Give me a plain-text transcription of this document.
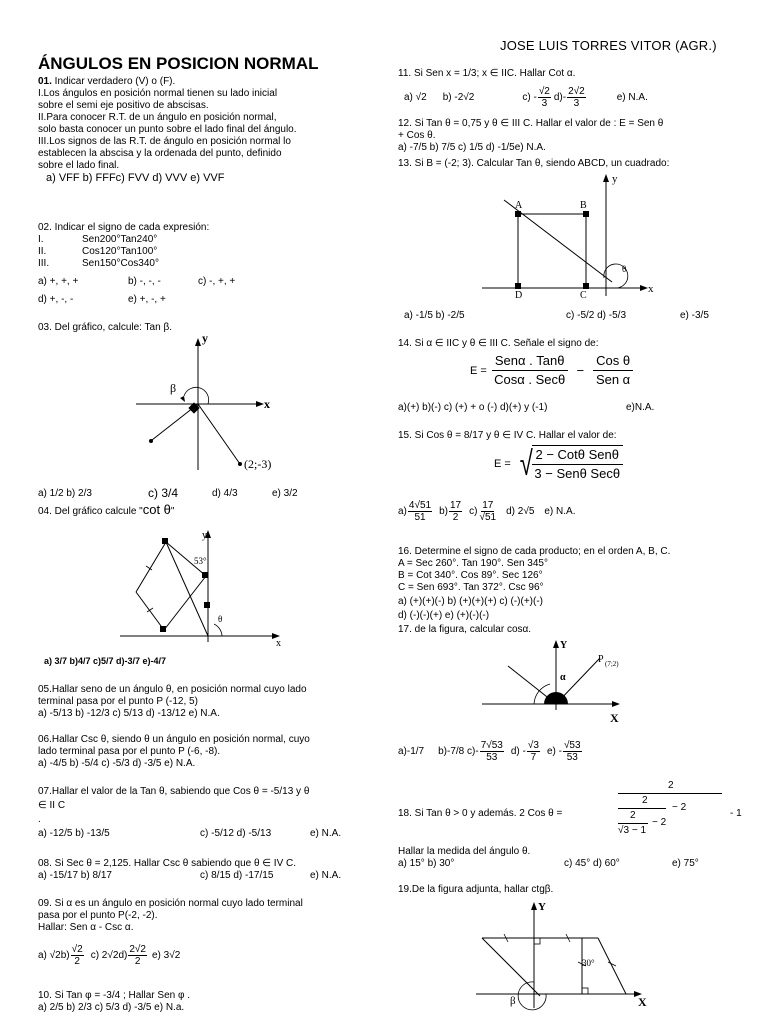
JOSE LUIS TORRES VITOR (AGR.)
ÁNGULOS EN POSICION NORMAL
01. Indicar verdadero (V) o (F).
I.Los ángulos en posición normal tienen su lado inicial
sobre el semi eje positivo de abscisas.
II.Para conocer R.T. de un ángulo en posición normal,
solo basta conocer un punto sobre el lado final del ángulo.
III.Los signos de las R.T. de ángulo en posición normal lo
establecen la abscisa y la ordenada del punto, definido
sobre el lado final.
a) VFF b) FFFc) FVV d) VVV e) VVF
02. Indicar el signo de cada expresión:
I.	Sen200°Tan240°
II.	Cos120°Tan100°
III.	Sen150°Cos340°
a) +, +, +	b) -, -, -	c) -, +, +
d) +, -, -	e) +, -, +
03. Del gráfico, calcule: Tan β.
y
x
β
(2;-3)
a) 1/2 b) 2/3	c) 3/4	d) 4/3	e) 3/2
04. Del gráfico calcule "cot θ"
y
x
53°
θ
a) 3/7 b)4/7 c)5/7 d)-3/7 e)-4/7
05.Hallar seno de un ángulo θ, en posición normal cuyo lado
terminal pasa por el punto P (-12, 5)
a) -5/13 b) -12/3 c) 5/13 d) -13/12 e) N.A.
06.Hallar Csc θ, siendo θ un ángulo en posición normal, cuyo
lado terminal pasa por el punto P (-6, -8).
a) -4/5 b) -5/4 c) -5/3 d) -3/5 e) N.A.
07.Hallar el valor de la Tan θ, sabiendo que Cos θ = -5/13 y θ
∈ II C
.
a) -12/5 b) -13/5	c) -5/12 d) -5/13	e) N.A.
08. Si Sec θ = 2,125. Hallar Csc θ sabiendo que θ ∈ IV C.
a) -15/17 b) 8/17	c) 8/15 d) -17/15	e) N.A.
09. Si α es un ángulo en posición normal cuyo lado terminal
pasa por el punto P(-2, -2).
Hallar: Sen α - Csc α.
a) √2 $b) \frac{√2}{2} c$) 2√2 $d) \frac{2√2}{2} e$) 3√2
10. Si Tan φ = -3/4 ; Hallar Sen φ .
a) 2/5 b) 2/3 c) 5/3 d) -3/5 e) N.a.
11. Si Sen x = 1/3; x ∈ IIC. Hallar Cot α.
a) √2 b) -2√2	$c) - \frac{√2}{3} d)- \frac{2√2}{3}$	e) N.A.
12. Si Tan θ = 0,75 y θ ∈ III C. Hallar el valor de : E = Sen θ
+ Cos θ.
a) -7/5 b) 7/5 c) 1/5 d) -1/5e) N.A.
13. Si B = (-2; 3). Calcular Tan θ, siendo ABCD, un cuadrado:
y
x
A	B
C
D
θ
a) -1/5 b) -2/5	c) -5/2 d) -5/3	e) -3/5
14. Si α ∈ IIC y θ ∈ III C. Señale el signo de:
$E = \frac{\text{Senα . Tanθ}}{\text{Cosα . Secθ}} - \frac{\text{Cos θ}}{\text{Sen α}}$
a)(+) b)(-) c) (+) + o (-) d)(+) y (-1)	e)N.A.
15. Si Cos θ = 8/17 y θ ∈ IV C. Hallar el valor de:
E = √
$\frac{\text{2 − Cotθ Senθ}}{\text{3 − Senθ Secθ}}$
$a) \frac{4√51}{51} b) \frac{17}{2} c) \frac{17}{√51} d$) 2√5 e) N.A.
16. Determine el signo de cada producto; en el orden A, B, C.
A = Sec 260°. Tan 190°. Sen 345°
B = Cot 340°. Cos 89°. Sec 126°
C = Sen 693°. Tan 372°. Csc 96°
a) (+)(+)(-) b) (+)(+)(+) c) (-)(+)(-)
d) (-)(-)(+) e) (+)(-)(-)
17. de la figura, calcular cosα.
Y
X
P (7;2)
α
a)-1/7 b)-7/8 $c)- \frac{7√53}{53} d) - \frac{√3}{7} e) - \frac{√53}{53}$
18. Si Tan θ > 0 y además. 2 Cos θ =
2
2
− 2
2
− 2
√3 − 1
- 1
Hallar la medida del ángulo θ.
a) 15° b) 30°	c) 45° d) 60°	e) 75°
19.De la figura adjunta, hallar ctgβ.
Y
X
30°
β
